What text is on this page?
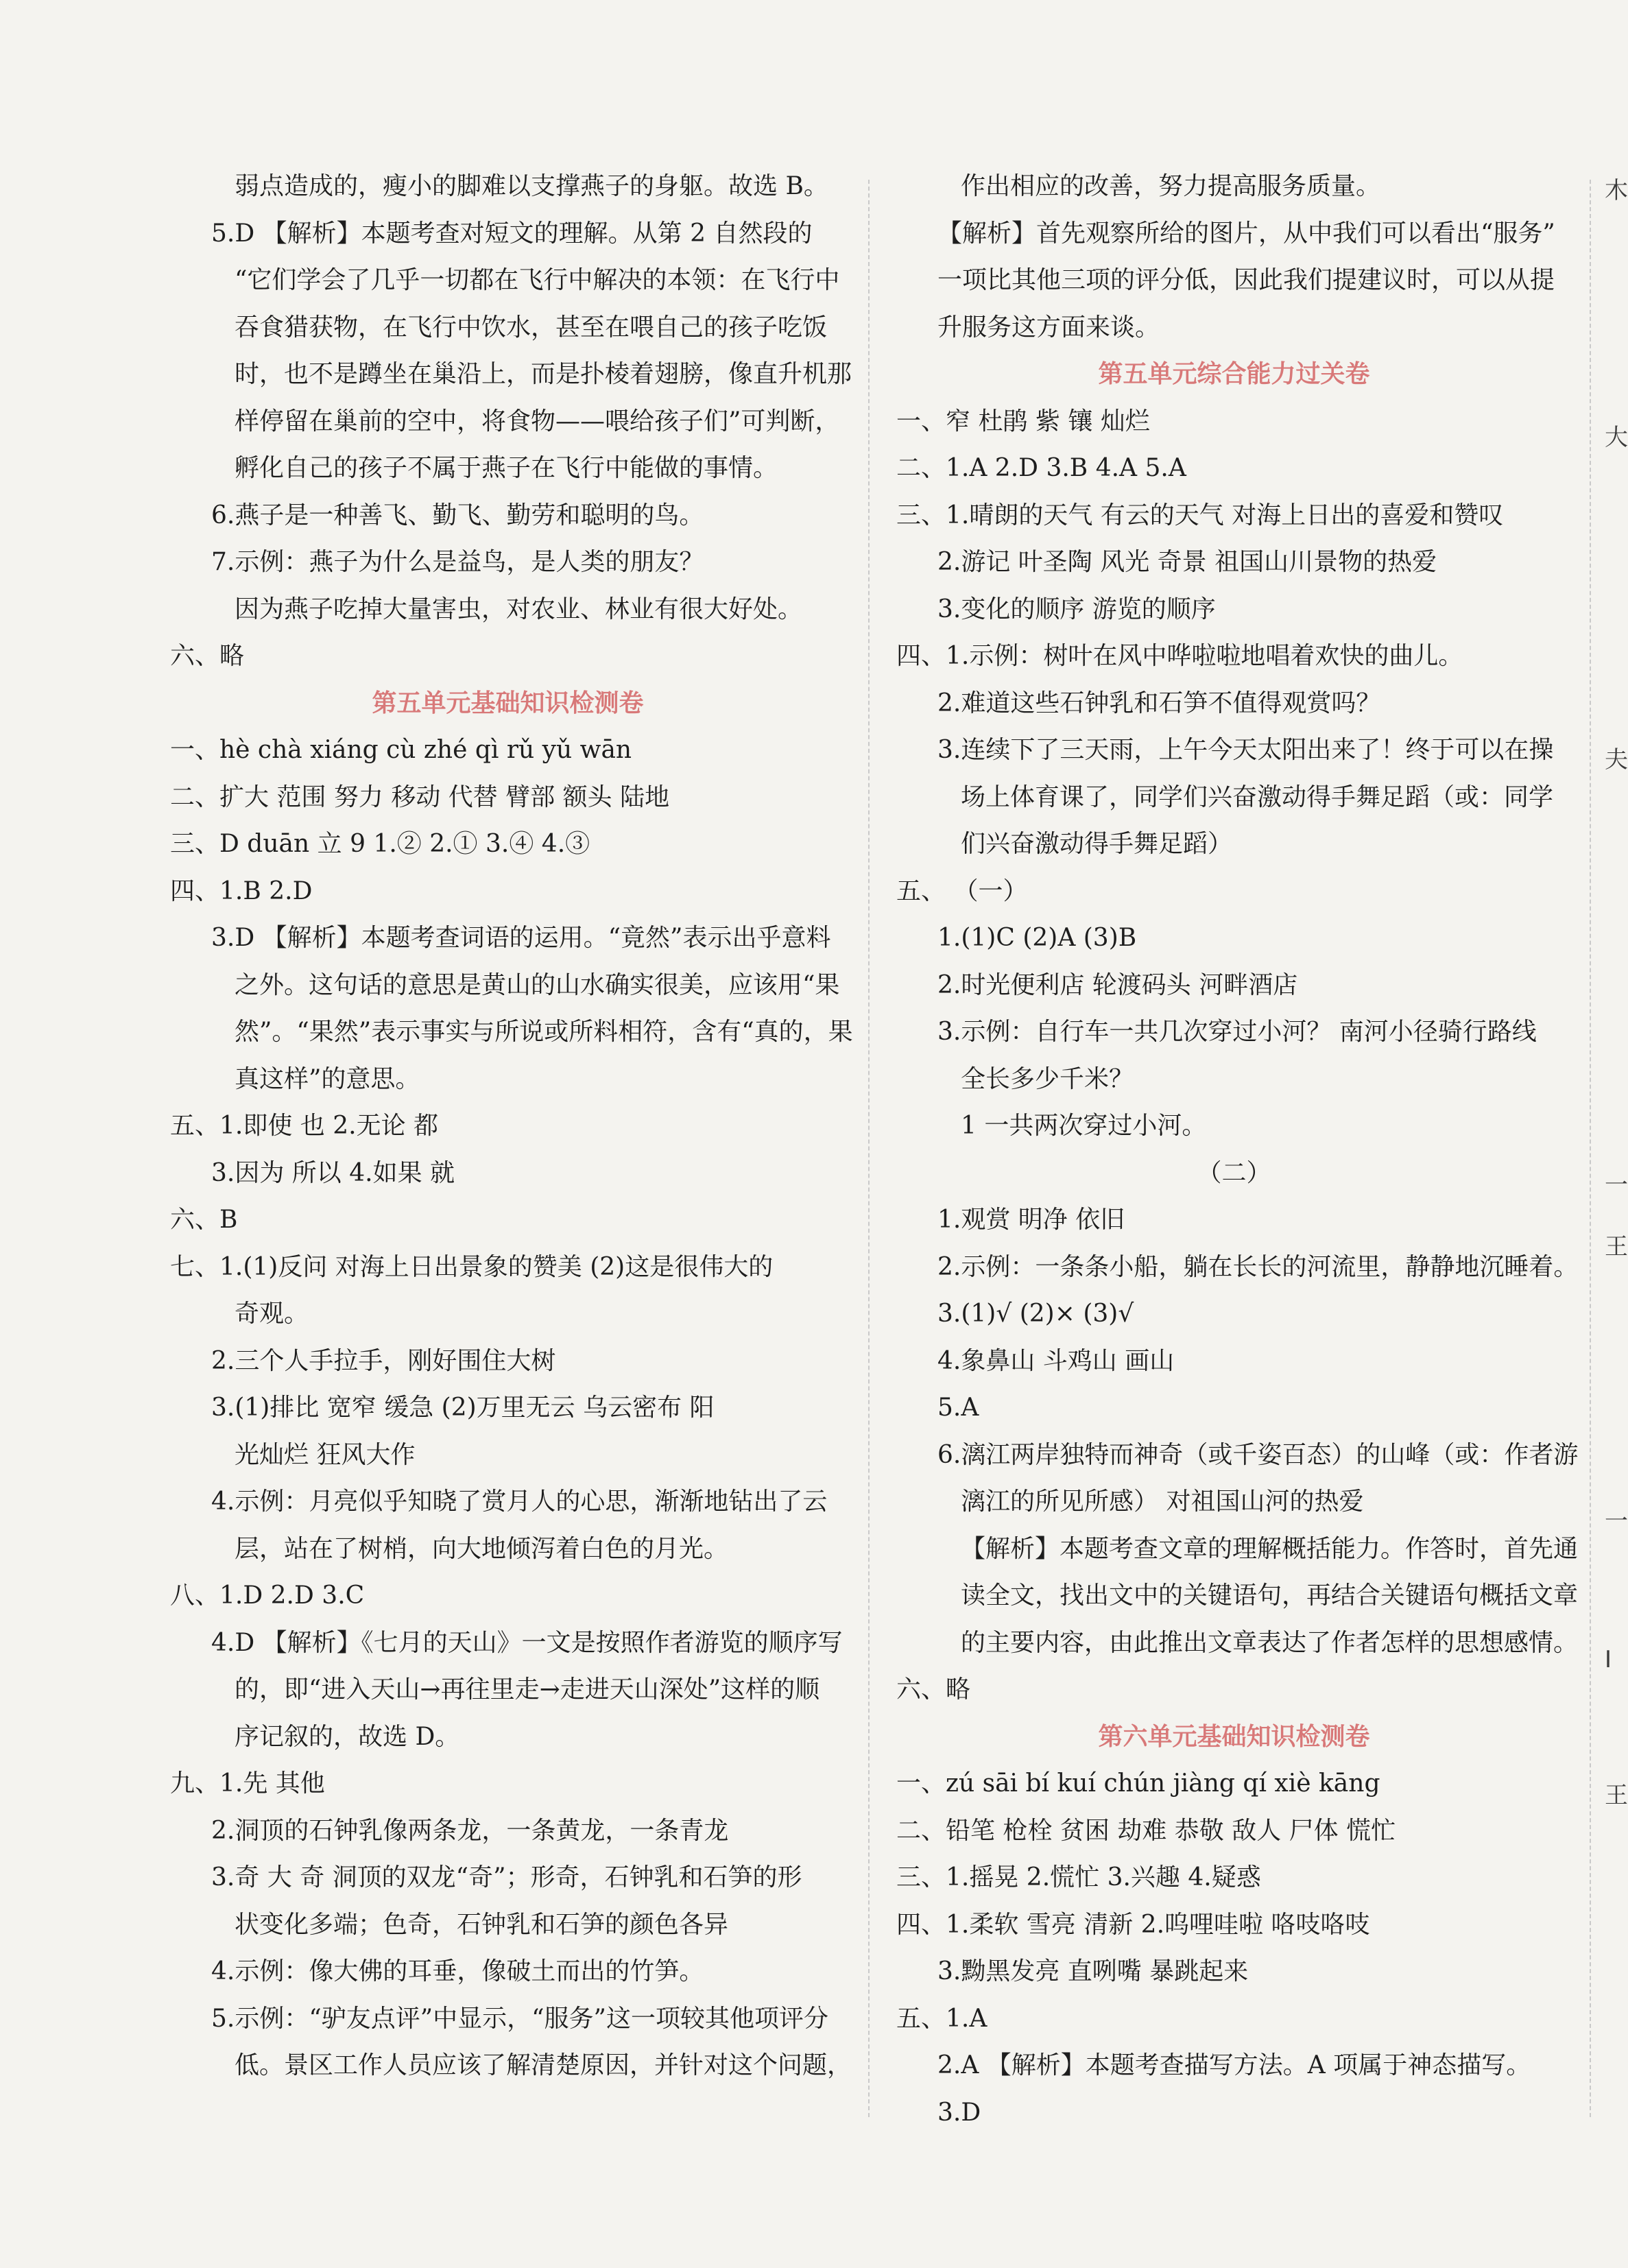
弱点造成的，瘦小的脚难以支撑燕子的身躯。故选 B。
5.D 【解析】本题考查对短文的理解。从第 2 自然段的
“它们学会了几乎一切都在飞行中解决的本领：在飞行中
吞食猎获物，在飞行中饮水，甚至在喂自己的孩子吃饭
时，也不是蹲坐在巢沿上，而是扑棱着翅膀，像直升机那
样停留在巢前的空中，将食物——喂给孩子们”可判断，
孵化自己的孩子不属于燕子在飞行中能做的事情。
6.燕子是一种善飞、勤飞、勤劳和聪明的鸟。
7.示例：燕子为什么是益鸟，是人类的朋友？
因为燕子吃掉大量害虫，对农业、林业有很大好处。
六、略
第五单元基础知识检测卷
一、hè chà xiáng cù zhé qì rǔ yǔ wān
二、扩大 范围 努力 移动 代替 臂部 额头 陆地
三、D duān 立 9 1.② 2.① 3.④ 4.③
四、1.B 2.D
3.D 【解析】本题考查词语的运用。“竟然”表示出乎意料
之外。这句话的意思是黄山的山水确实很美，应该用“果
然”。“果然”表示事实与所说或所料相符，含有“真的，果
真这样”的意思。
五、1.即使 也 2.无论 都
3.因为 所以 4.如果 就
六、B
七、1.(1)反问 对海上日出景象的赞美 (2)这是很伟大的
奇观。
2.三个人手拉手，刚好围住大树
3.(1)排比 宽窄 缓急 (2)万里无云 乌云密布 阳
光灿烂 狂风大作
4.示例：月亮似乎知晓了赏月人的心思，渐渐地钻出了云
层，站在了树梢，向大地倾泻着白色的月光。
八、1.D 2.D 3.C
4.D 【解析】《七月的天山》一文是按照作者游览的顺序写
的，即“进入天山→再往里走→走进天山深处”这样的顺
序记叙的，故选 D。
九、1.先 其他
2.洞顶的石钟乳像两条龙，一条黄龙，一条青龙
3.奇 大 奇 洞顶的双龙“奇”；形奇，石钟乳和石笋的形
状变化多端；色奇，石钟乳和石笋的颜色各异
4.示例：像大佛的耳垂，像破土而出的竹笋。
5.示例：“驴友点评”中显示，“服务”这一项较其他项评分
低。景区工作人员应该了解清楚原因，并针对这个问题，
作出相应的改善，努力提高服务质量。
【解析】首先观察所给的图片，从中我们可以看出“服务”
一项比其他三项的评分低，因此我们提建议时，可以从提
升服务这方面来谈。
第五单元综合能力过关卷
一、窄 杜鹃 紫 镶 灿烂
二、1.A 2.D 3.B 4.A 5.A
三、1.晴朗的天气 有云的天气 对海上日出的喜爱和赞叹
2.游记 叶圣陶 风光 奇景 祖国山川景物的热爱
3.变化的顺序 游览的顺序
四、1.示例：树叶在风中哗啦啦地唱着欢快的曲儿。
2.难道这些石钟乳和石笋不值得观赏吗？
3.连续下了三天雨，上午今天太阳出来了！终于可以在操
场上体育课了，同学们兴奋激动得手舞足蹈（或：同学
们兴奋激动得手舞足蹈）
五、 （一）
1.(1)C (2)A (3)B
2.时光便利店 轮渡码头 河畔酒店
3.示例：自行车一共几次穿过小河？ 南河小径骑行路线
全长多少千米？
1 一共两次穿过小河。
（二）
1.观赏 明净 依旧
2.示例：一条条小船，躺在长长的河流里，静静地沉睡着。
3.(1)√ (2)× (3)√
4.象鼻山 斗鸡山 画山
5.A
6.漓江两岸独特而神奇（或千姿百态）的山峰（或：作者游
漓江的所见所感） 对祖国山河的热爱
【解析】本题考查文章的理解概括能力。作答时，首先通
读全文，找出文中的关键语句，再结合关键语句概括文章
的主要内容，由此推出文章表达了作者怎样的思想感情。
六、略
第六单元基础知识检测卷
一、zú sāi bí kuí chún jiàng qí xiè kāng
二、铅笔 枪栓 贫困 劫难 恭敬 敌人 尸体 慌忙
三、1.摇晃 2.慌忙 3.兴趣 4.疑惑
四、1.柔软 雪亮 清新 2.呜哩哇啦 咯吱咯吱
3.黝黑发亮 直咧嘴 暴跳起来
五、1.A
2.A 【解析】本题考查描写方法。A 项属于神态描写。
3.D
木
大
夫
一
王
一
I
王
